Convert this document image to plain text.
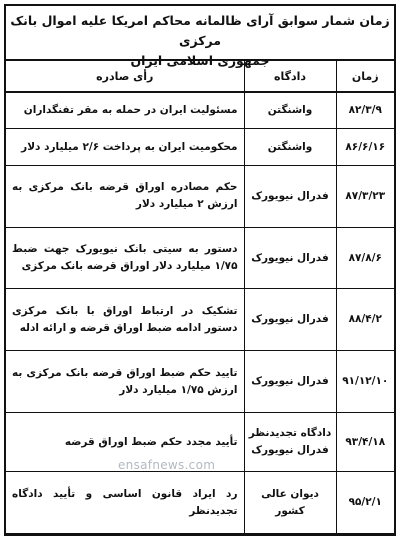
زمان شمار سوابق آرای ظالمانه محاکم امریکا علیه اموال بانک مرکزی
جمهوری اسلامی ایران
زمان	دادگاه	رأی صادره
۸۲/۳/۹	واشنگتن	مسئولیت ایران در حمله به مقر تفنگداران
۸۶/۶/۱۶	واشنگتن	محکومیت ایران به پرداخت ۲/۶ میلیارد دلار
۸۷/۳/۲۳	فدرال نیویورک	حکم مصادره اوراق قرضه بانک مرکزی به ارزش ۲ میلیارد دلار
۸۷/۸/۶	فدرال نیویورک	دستور به سیتی بانک نیویورک جهت ضبط ۱/۷۵ میلیارد دلار اوراق قرضه بانک مرکزی
۸۸/۴/۲	فدرال نیویورک	تشکیک در ارتباط اوراق با بانک مرکزی دستور ادامه ضبط اوراق قرضه و ارائه ادله
۹۱/۱۲/۱۰	فدرال نیویورک	تایید حکم ضبط اوراق قرضه بانک مرکزی به ارزش ۱/۷۵ میلیارد دلار
۹۳/۴/۱۸	دادگاه تجدیدنظر فدرال نیویورک	تأیید مجدد حکم ضبط اوراق قرضه
۹۵/۲/۱	دیوان عالی کشور	رد ایراد قانون اساسی و تأیید دادگاه تجدیدنظر
ensafnews.com
